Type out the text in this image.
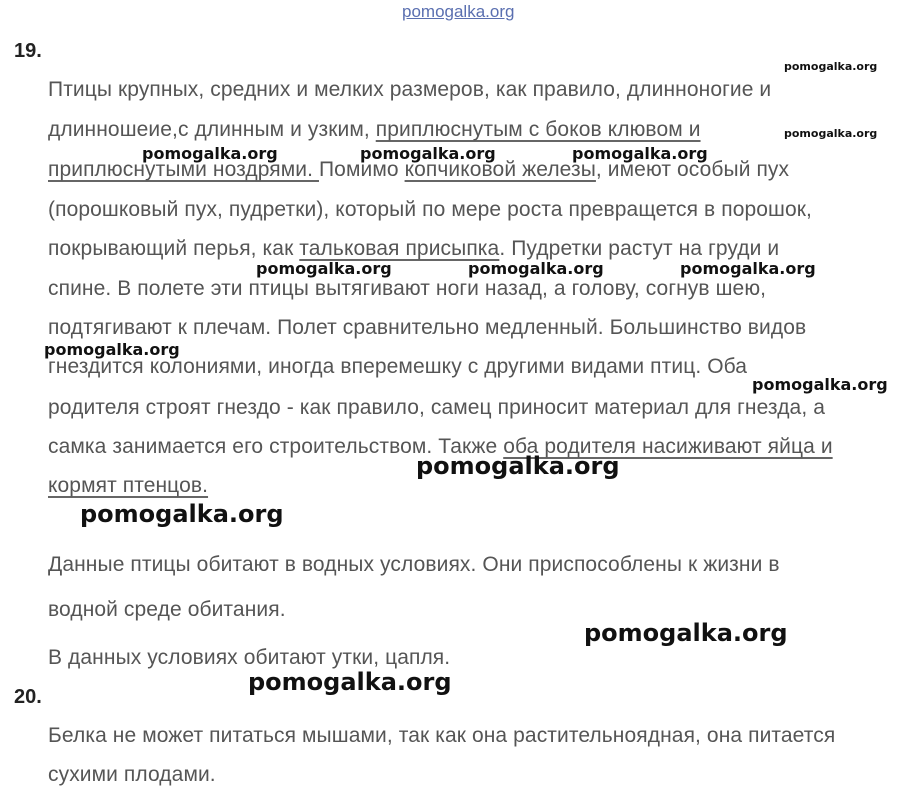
pomogalka.org
19.
Птицы крупных, средних и мелких размеров, как правило, длинноногие и
длинношеие,с длинным и узким, приплюснутым с боков клювом и
приплюснутыми ноздрями. Помимо копчиковой железы, имеют особый пух
(порошковый пух, пудретки), который по мере роста превращется в порошок,
покрывающий перья, как тальковая присыпка. Пудретки растут на груди и
спине. В полете эти птицы вытягивают ноги назад, а голову, согнув шею,
подтягивают к плечам. Полет сравнительно медленный. Большинство видов
гнездится колониями, иногда вперемешку с другими видами птиц. Оба
родителя строят гнездо - как правило, самец приносит материал для гнезда, а
самка занимается его строительством. Также оба родителя насиживают яйца и
кормят птенцов.
Данные птицы обитают в водных условиях. Они приспособлены к жизни в
водной среде обитания.
В данных условиях обитают утки, цапля.
20.
Белка не может питаться мышами, так как она растительноядная, она питается
сухими плодами.
pomogalka.org
pomogalka.org
pomogalka.org	pomogalka.org	pomogalka.org
pomogalka.org	pomogalka.org	pomogalka.org
pomogalka.org
pomogalka.org
pomogalka.org
pomogalka.org
pomogalka.org
pomogalka.org
